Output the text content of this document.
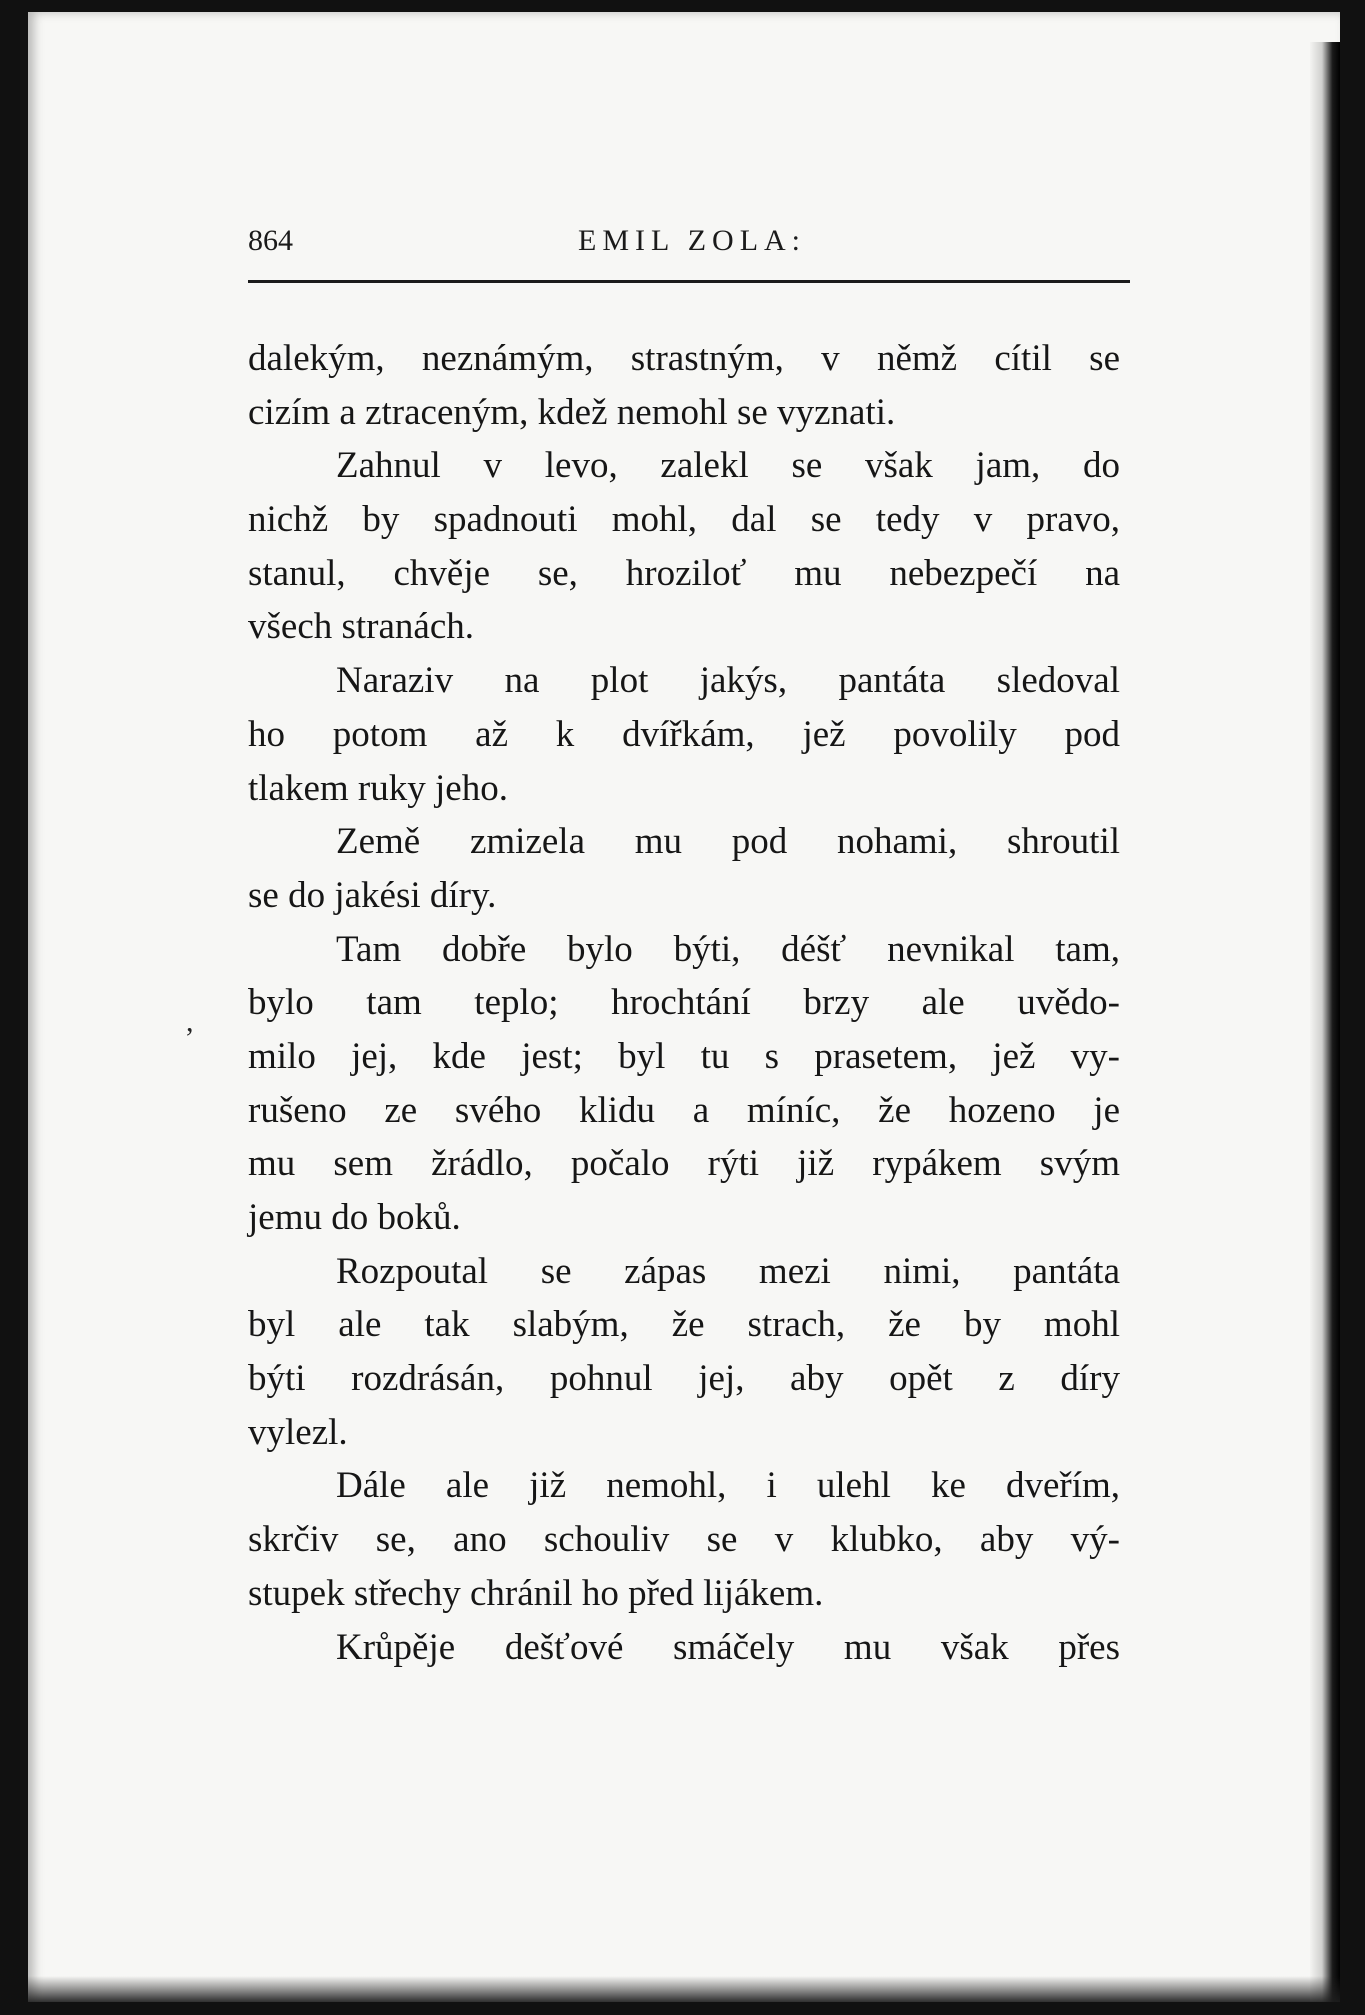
864	EMIL ZOLA:
,
dalekým, neznámým, strastným, v němž cítil se
cizím a ztraceným, kdež nemohl se vyznati.
Zahnul v levo, zalekl se však jam, do
nichž by spadnouti mohl, dal se tedy v pravo,
stanul, chvěje se, hroziloť mu nebezpečí na
všech stranách.
Naraziv na plot jakýs, pantáta sledoval
ho potom až k dvířkám, jež povolily pod
tlakem ruky jeho.
Země zmizela mu pod nohami, shroutil
se do jakési díry.
Tam dobře bylo býti, déšť nevnikal tam,
bylo tam teplo; hrochtání brzy ale uvědo-
milo jej, kde jest; byl tu s prasetem, jež vy-
rušeno ze svého klidu a míníc, že hozeno je
mu sem žrádlo, počalo rýti již rypákem svým
jemu do boků.
Rozpoutal se zápas mezi nimi, pantáta
byl ale tak slabým, že strach, že by mohl
býti rozdrásán, pohnul jej, aby opět z díry
vylezl.
Dále ale již nemohl, i ulehl ke dveřím,
skrčiv se, ano schouliv se v klubko, aby vý-
stupek střechy chránil ho před lijákem.
Krůpěje dešťové smáčely mu však přes
